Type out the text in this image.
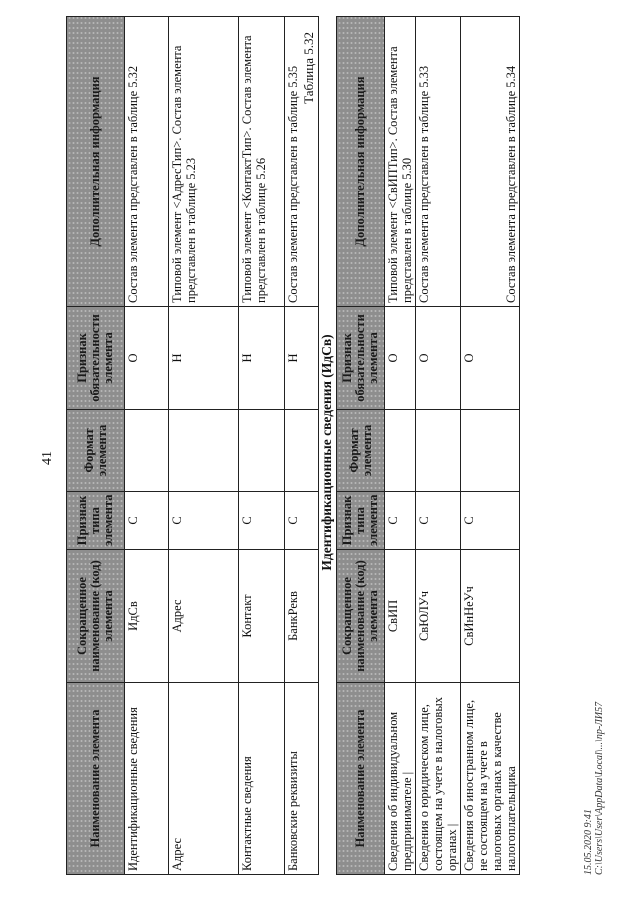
41
Наименование элемента	Сокращенное наименование (код) элемента	Признак типа элемента	Формат элемента	Признак обязательности элемента	Дополнительная информация
Идентификационные сведения	ИдСв	С		О	Состав элемента представлен в таблице 5.32
Адрес	Адрес	С		Н	Типовой элемент <АдресТип>. Состав элемента представлен в таблице 5.23
Контактные сведения	Контакт	С		Н	Типовой элемент <КонтактТип>. Состав элемента представлен в таблице 5.26
Банковские реквизиты	БанкРекв	С		Н	Состав элемента представлен в таблице 5.35 Таблица 5.32
Идентификационные сведения (ИдСв)
Наименование элемента	Сокращенное наименование (код) элемента	Признак типа элемента	Формат элемента	Признак обязательности элемента	Дополнительная информация
Сведения об индивидуальном предпринимателе |	СвИП	С		О	Типовой элемент <СвИПТип>. Состав элемента представлен в таблице 5.30
Сведения о юридическом лице, состоящем на учете в налоговых органах |	СвЮЛУч	С		О	Состав элемента представлен в таблице 5.33
Сведения об иностранном лице, не состоящем на учете в налоговых органах в качестве налогоплательщика	СвИнНеУч	С		О	Состав элемента представлен в таблице 5.34
15.05.2020 9:41 С:\Users\User\AppData\Local\...\пр-ЛИ57
